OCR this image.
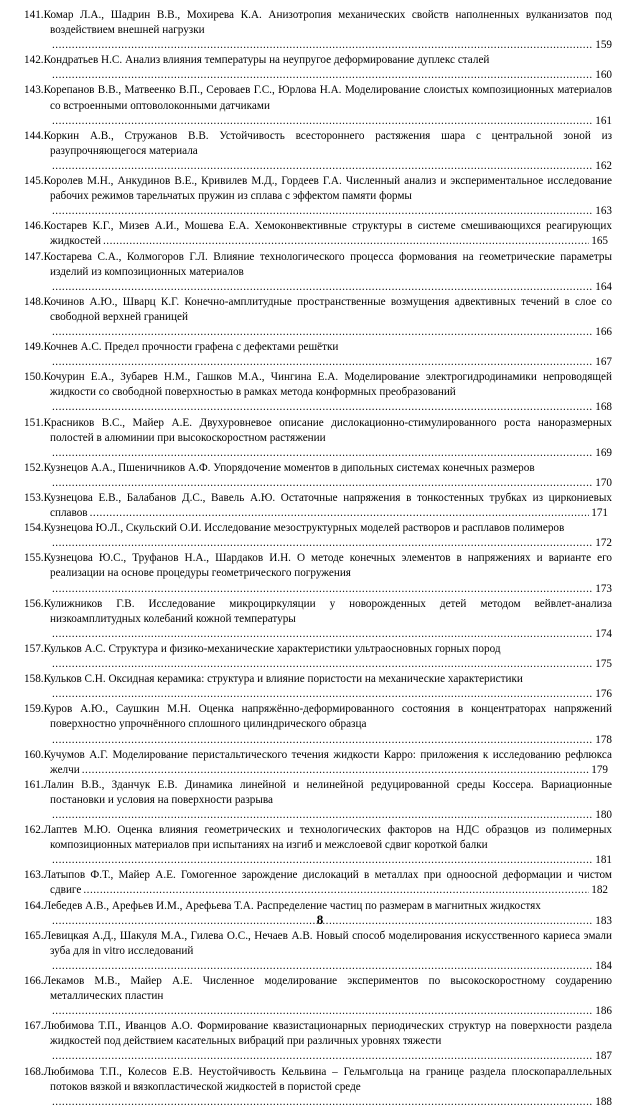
141.Комар Л.А., Шадрин В.В., Мохирева К.А. Анизотропия механических свойств наполненных вулканизатов под воздействием внешней нагрузки
.....
159
142.Кондратьев Н.С. Анализ влияния температуры на неупругое деформирование дуплекс сталей
.....
160
143.Корепанов В.В., Матвеенко В.П., Сероваев Г.С., Юрлова Н.А. Моделирование слоистых композиционных материалов со встроенными оптоволоконными датчиками
.....
161
144.Коркин А.В., Стружанов В.В. Устойчивость всестороннего растяжения шара с центральной зоной из разупрочняющегося материала
.....
162
145.Королев М.Н., Анкудинов В.Е., Кривилев М.Д., Гордеев Г.А. Численный анализ и экспериментальное исследование рабочих режимов тарельчатых пружин из сплава с эффектом памяти формы
.....
163
146.Костарев К.Г., Мизев А.И., Мошева Е.А. Хемоконвективные структуры в системе смешивающихся реагирующих жидкостей .....	165
147.Костарева С.А., Колмогоров Г.Л. Влияние технологического процесса формования на геометрические параметры изделий из композиционных материалов
.....
164
148.Кочинов А.Ю., Шварц К.Г. Конечно-амплитудные пространственные возмущения адвективных течений в слое со свободной верхней границей
.....
166
149.Кочнев А.С. Предел прочности графена с дефектами решётки
.....
167
150.Кочурин Е.А., Зубарев Н.М., Гашков М.А., Чингина Е.А. Моделирование электрогидродинамики непроводящей жидкости со свободной поверхностью в рамках метода конформных преобразований
.....
168
151.Красников В.С., Майер А.Е. Двухуровневое описание дислокационно-стимулированного роста наноразмерных полостей в алюминии при высокоскоростном растяжении
.....
169
152.Кузнецов А.А., Пшеничников А.Ф. Упорядочение моментов в дипольных системах конечных размеров
.....
170
153.Кузнецова Е.В., Балабанов Д.С., Вавель А.Ю. Остаточные напряжения в тонкостенных трубках из циркониевых сплавов .....	171
154.Кузнецова Ю.Л., Скульский О.И. Исследование мезоструктурных моделей растворов и расплавов полимеров
.....
172
155.Кузнецова Ю.С., Труфанов Н.А., Шардаков И.Н. О методе конечных элементов в напряжениях и варианте его реализации на основе процедуры геометрического погружения
.....
173
156.Кулижников Г.В. Исследование микроциркуляции у новорожденных детей методом вейвлет-анализа низкоамплитудных колебаний кожной температуры
.....
174
157.Кульков А.С. Структура и физико-механические характеристики ультраосновных горных пород
.....
175
158.Кульков С.Н. Оксидная керамика: структура и влияние пористости на механические характеристики
.....
176
159.Куров А.Ю., Саушкин М.Н. Оценка напряжённо-деформированного состояния в концентраторах напряжений поверхностно упрочнённого сплошного цилиндрического образца
.....
178
160.Кучумов А.Г. Моделирование перистальтического течения жидкости Карро: приложения к исследованию рефлюкса желчи .....	179
161.Лалин В.В., Зданчук Е.В. Динамика линейной и нелинейной редуцированной среды Коссера. Вариационные постановки и условия на поверхности разрыва
.....
180
162.Лаптев М.Ю. Оценка влияния геометрических и технологических факторов на НДС образцов из полимерных композиционных материалов при испытаниях на изгиб и межслоевой сдвиг короткой балки
.....
181
163.Латыпов Ф.Т., Майер А.Е. Гомогенное зарождение дислокаций в металлах при одноосной деформации и чистом сдвиге .....	182
164.Лебедев А.В., Арефьев И.М., Арефьева Т.А. Распределение частиц по размерам в магнитных жидкостях
.....
183
165.Левицкая А.Д., Шакуля М.А., Гилева О.С., Нечаев А.В. Новый способ моделирования искусственного кариеса эмали зуба для in vitro исследований
.....
184
166.Лекамов М.В., Майер А.Е. Численное моделирование экспериментов по высокоскоростному соударению металлических пластин
.....
186
167.Любимова Т.П., Иванцов А.О. Формирование квазистационарных периодических структур на поверхности раздела жидкостей под действием касательных вибраций при различных уровнях тяжести
.....
187
168.Любимова Т.П., Колесов Е.В. Неустойчивость Кельвина – Гельмгольца на границе раздела плоскопараллельных потоков вязкой и вязкопластической жидкостей в пористой среде
.....
188
8
